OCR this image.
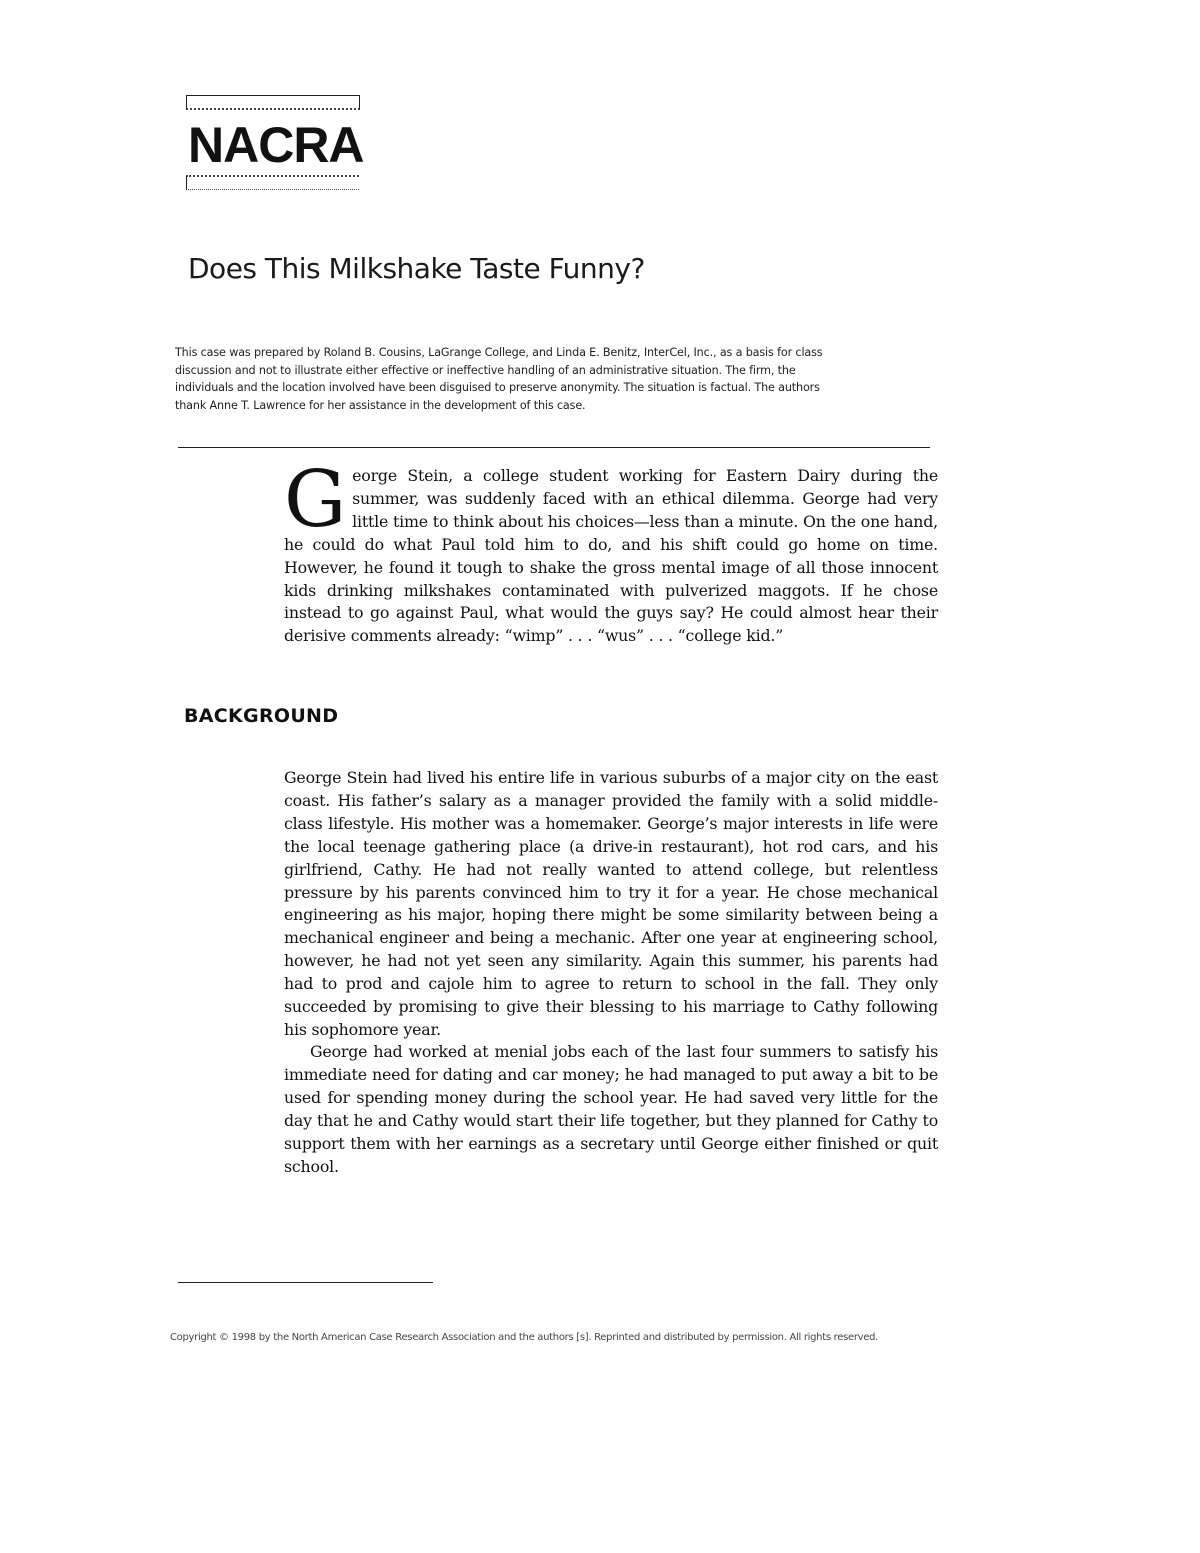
NACRA
Does This Milkshake Taste Funny?

This case was prepared by Roland B. Cousins, LaGrange College, and Linda E. Benitz, InterCel, Inc., as a basis for class discussion and not to illustrate either effective or ineffective handling of an administrative situation. The firm, the individuals and the location involved have been disguised to preserve anonymity. The situation is factual. The authors thank Anne T. Lawrence for her assistance in the development of this case.

G eorge Stein, a college student working for Eastern Dairy during the summer, was suddenly faced with an ethical dilemma. George had very little time to think about his choices—less than a minute. On the one hand, he could do what Paul told him to do, and his shift could go home on time. However, he found it tough to shake the gross mental image of all those innocent kids drinking milkshakes contaminated with pulverized maggots. If he chose instead to go against Paul, what would the guys say? He could almost hear their derisive comments already: “wimp” . . . “wus” . . . “college kid.”

BACKGROUND

George Stein had lived his entire life in various suburbs of a major city on the east coast. His father’s salary as a manager provided the family with a solid middle-class lifestyle. His mother was a homemaker. George’s major interests in life were the local teenage gathering place (a drive-in restaurant), hot rod cars, and his girlfriend, Cathy. He had not really wanted to attend college, but relentless pressure by his parents convinced him to try it for a year. He chose mechanical engineering as his major, hoping there might be some similarity between being a mechanical engineer and being a mechanic. After one year at engineering school, however, he had not yet seen any similarity. Again this summer, his parents had had to prod and cajole him to agree to return to school in the fall. They only succeeded by promising to give their blessing to his marriage to Cathy following his sophomore year.

George had worked at menial jobs each of the last four summers to satisfy his immediate need for dating and car money; he had managed to put away a bit to be used for spending money during the school year. He had saved very little for the day that he and Cathy would start their life together, but they planned for Cathy to support them with her earnings as a secretary until George either finished or quit school.

Copyright © 1998 by the North American Case Research Association and the authors [s]. Reprinted and distributed by permission. All rights reserved.
